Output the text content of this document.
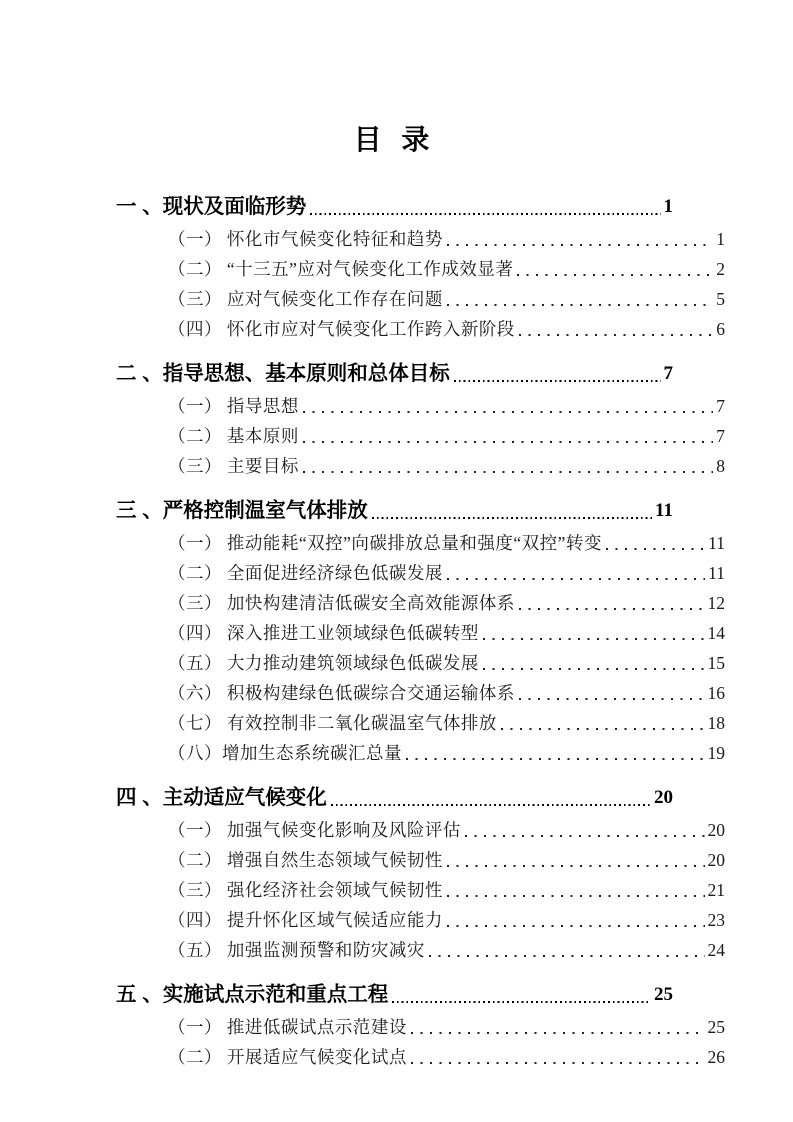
目 录
一 、现状及面临形势	1
（一） 怀化市气候变化特征和趋势	1
（二） “十三五”应对气候变化工作成效显著	2
（三） 应对气候变化工作存在问题	5
（四） 怀化市应对气候变化工作跨入新阶段	6
二 、指导思想、基本原则和总体目标	7
（一） 指导思想	7
（二） 基本原则	7
（三） 主要目标	8
三 、严格控制温室气体排放	11
（一） 推动能耗“双控”向碳排放总量和强度“双控”转变	11
（二） 全面促进经济绿色低碳发展	11
（三） 加快构建清洁低碳安全高效能源体系	12
（四） 深入推进工业领域绿色低碳转型	14
（五） 大力推动建筑领域绿色低碳发展	15
（六） 积极构建绿色低碳综合交通运输体系	16
（七） 有效控制非二氧化碳温室气体排放	18
（八）增加生态系统碳汇总量	19
四 、主动适应气候变化	20
（一） 加强气候变化影响及风险评估	20
（二） 增强自然生态领域气候韧性	20
（三） 强化经济社会领域气候韧性	21
（四） 提升怀化区域气候适应能力	23
（五） 加强监测预警和防灾减灾	24
五 、实施试点示范和重点工程	25
（一） 推进低碳试点示范建设	25
（二） 开展适应气候变化试点	26
